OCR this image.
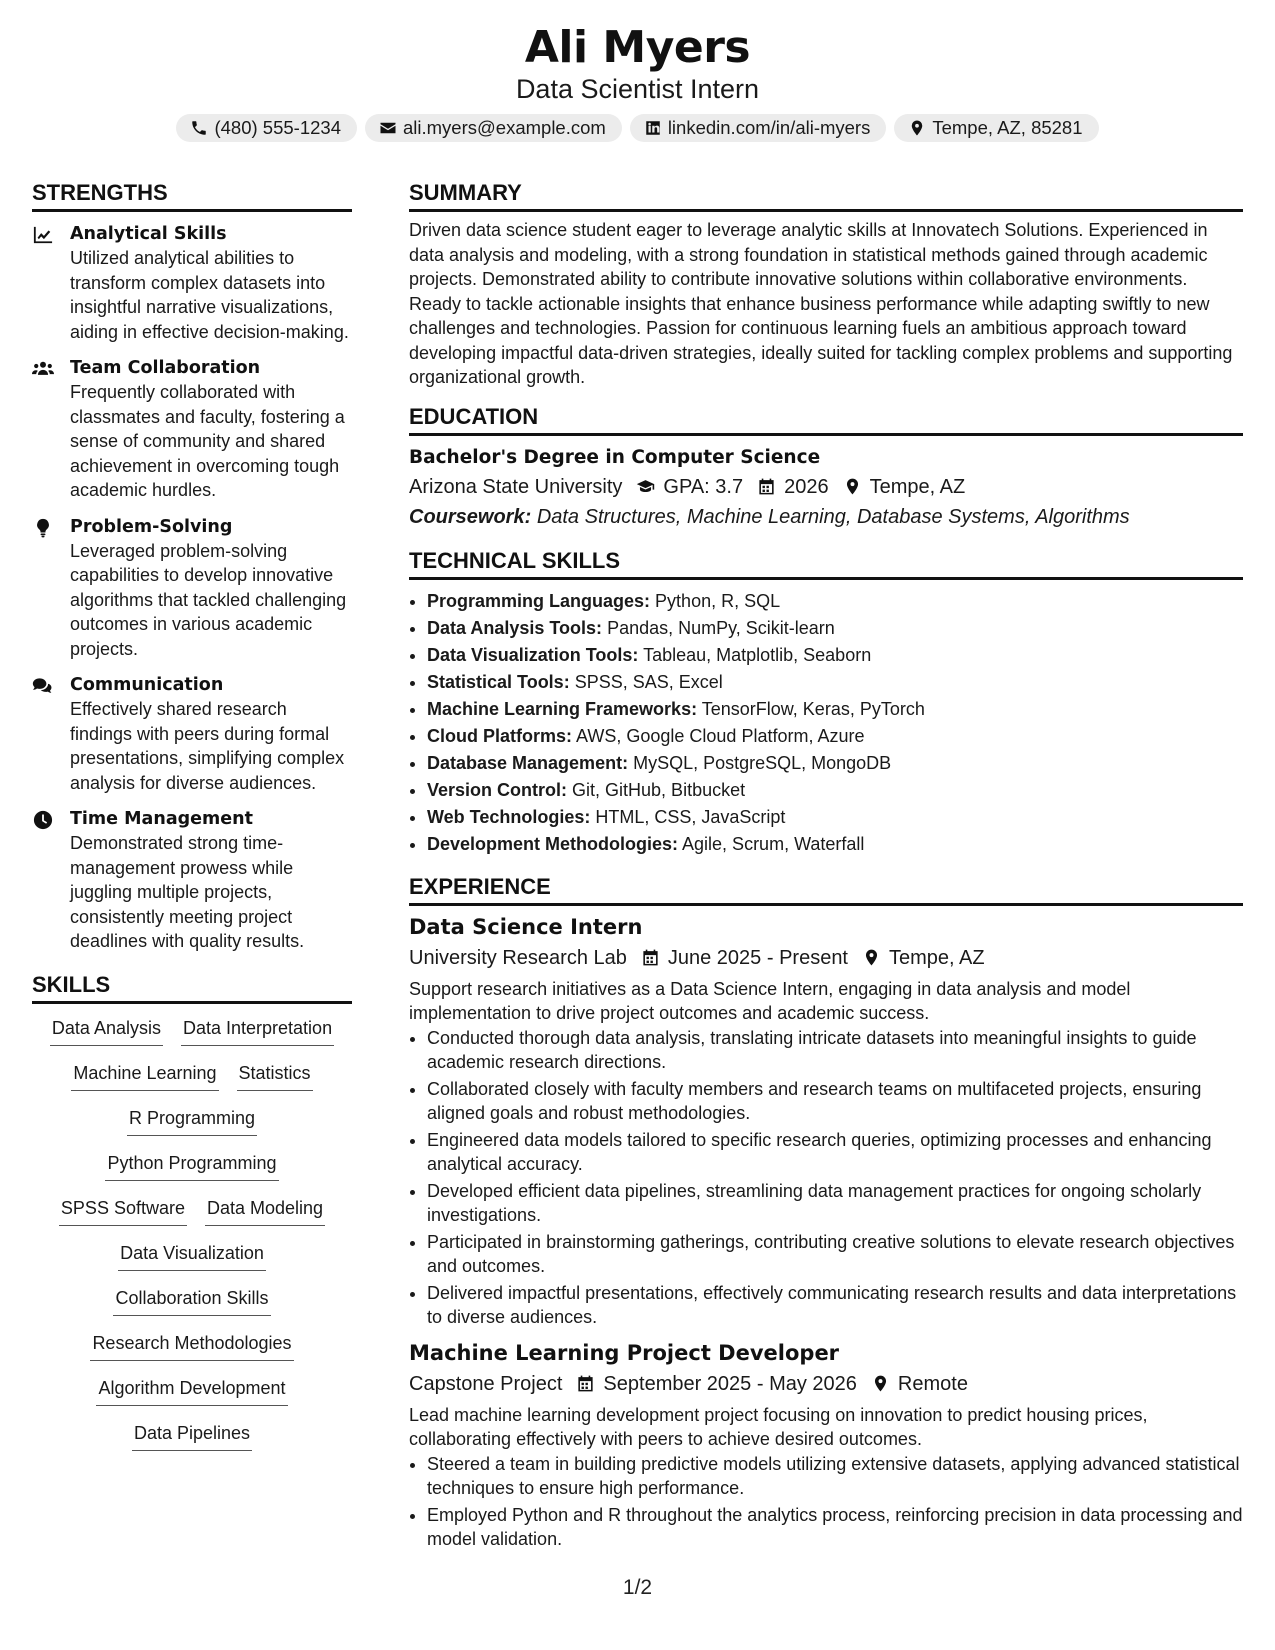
Ali Myers
Data Scientist Intern
(480) 555-1234	ali.myers@example.com	linkedin.com/in/ali-myers	Tempe, AZ, 85281
STRENGTHS
Analytical Skills
Utilized analytical abilities to transform complex datasets into insightful narrative visualizations, aiding in effective decision-making.
Team Collaboration
Frequently collaborated with classmates and faculty, fostering a sense of community and shared achievement in overcoming tough academic hurdles.
Problem-Solving
Leveraged problem-solving capabilities to develop innovative algorithms that tackled challenging outcomes in various academic projects.
Communication
Effectively shared research findings with peers during formal presentations, simplifying complex analysis for diverse audiences.
Time Management
Demonstrated strong time-management prowess while juggling multiple projects, consistently meeting project deadlines with quality results.
SKILLS
Data Analysis Data Interpretation
Machine Learning Statistics
R Programming
Python Programming
SPSS Software Data Modeling
Data Visualization
Collaboration Skills
Research Methodologies
Algorithm Development
Data Pipelines
SUMMARY
Driven data science student eager to leverage analytic skills at Innovatech Solutions. Experienced in data analysis and modeling, with a strong foundation in statistical methods gained through academic projects. Demonstrated ability to contribute innovative solutions within collaborative environments. Ready to tackle actionable insights that enhance business performance while adapting swiftly to new challenges and technologies. Passion for continuous learning fuels an ambitious approach toward developing impactful data-driven strategies, ideally suited for tackling complex problems and supporting organizational growth.
EDUCATION
Bachelor's Degree in Computer Science
Arizona State University GPA: 3.7 2026 Tempe, AZ
Coursework: Data Structures, Machine Learning, Database Systems, Algorithms
TECHNICAL SKILLS
• Programming Languages: Python, R, SQL
• Data Analysis Tools: Pandas, NumPy, Scikit-learn
• Data Visualization Tools: Tableau, Matplotlib, Seaborn
• Statistical Tools: SPSS, SAS, Excel
• Machine Learning Frameworks: TensorFlow, Keras, PyTorch
• Cloud Platforms: AWS, Google Cloud Platform, Azure
• Database Management: MySQL, PostgreSQL, MongoDB
• Version Control: Git, GitHub, Bitbucket
• Web Technologies: HTML, CSS, JavaScript
• Development Methodologies: Agile, Scrum, Waterfall
EXPERIENCE
Data Science Intern
University Research Lab June 2025 - Present Tempe, AZ
Support research initiatives as a Data Science Intern, engaging in data analysis and model implementation to drive project outcomes and academic success.
• Conducted thorough data analysis, translating intricate datasets into meaningful insights to guide academic research directions.
• Collaborated closely with faculty members and research teams on multifaceted projects, ensuring aligned goals and robust methodologies.
• Engineered data models tailored to specific research queries, optimizing processes and enhancing analytical accuracy.
• Developed efficient data pipelines, streamlining data management practices for ongoing scholarly investigations.
• Participated in brainstorming gatherings, contributing creative solutions to elevate research objectives and outcomes.
• Delivered impactful presentations, effectively communicating research results and data interpretations to diverse audiences.
Machine Learning Project Developer
Capstone Project September 2025 - May 2026 Remote
Lead machine learning development project focusing on innovation to predict housing prices, collaborating effectively with peers to achieve desired outcomes.
• Steered a team in building predictive models utilizing extensive datasets, applying advanced statistical techniques to ensure high performance.
• Employed Python and R throughout the analytics process, reinforcing precision in data processing and model validation.
1/2
